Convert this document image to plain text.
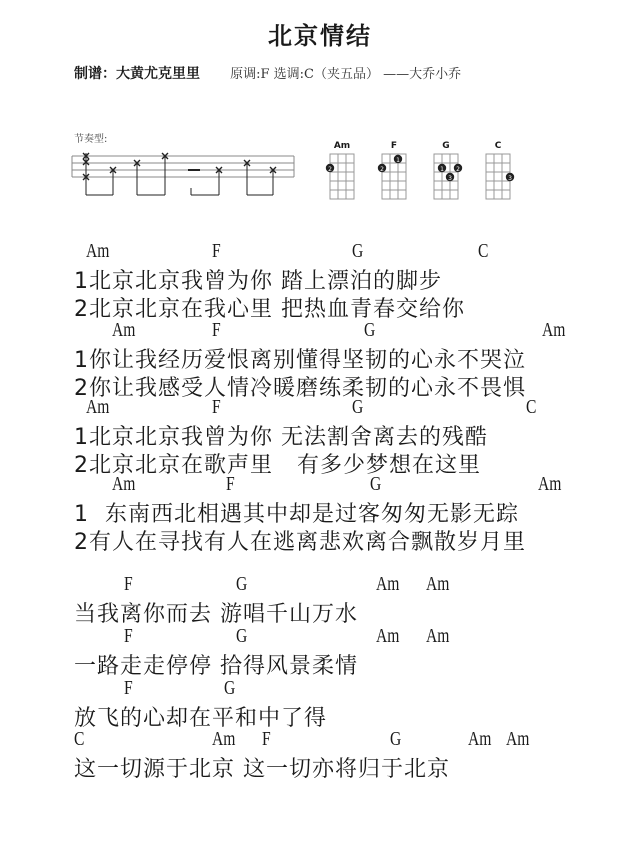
北京情结
制谱：大黄尤克里里 原调:F 选调:C（夹五品） ——大乔小乔
节奏型:
Am
2
F
1
2
G
1 2
3
C
3
Am	F	G	C
1北京北京我曾为你 踏上漂泊的脚步
2北京北京在我心里 把热血青春交给你
Am	F	G	Am
1你让我经历爱恨离别懂得坚韧的心永不哭泣
2你让我感受人情冷暖磨练柔韧的心永不畏惧
Am	F	G	C
1北京北京我曾为你 无法割舍离去的残酷
2北京北京在歌声里   有多少梦想在这里
Am	F	G	Am
1  东南西北相遇其中却是过客匆匆无影无踪
2有人在寻找有人在逃离悲欢离合飘散岁月里
F	G	Am Am
当我离你而去 游唱千山万水
F	G	Am Am
一路走走停停 拾得风景柔情
F	G
放飞的心却在平和中了得
C	Am F	G	Am Am
这一切源于北京 这一切亦将归于北京
